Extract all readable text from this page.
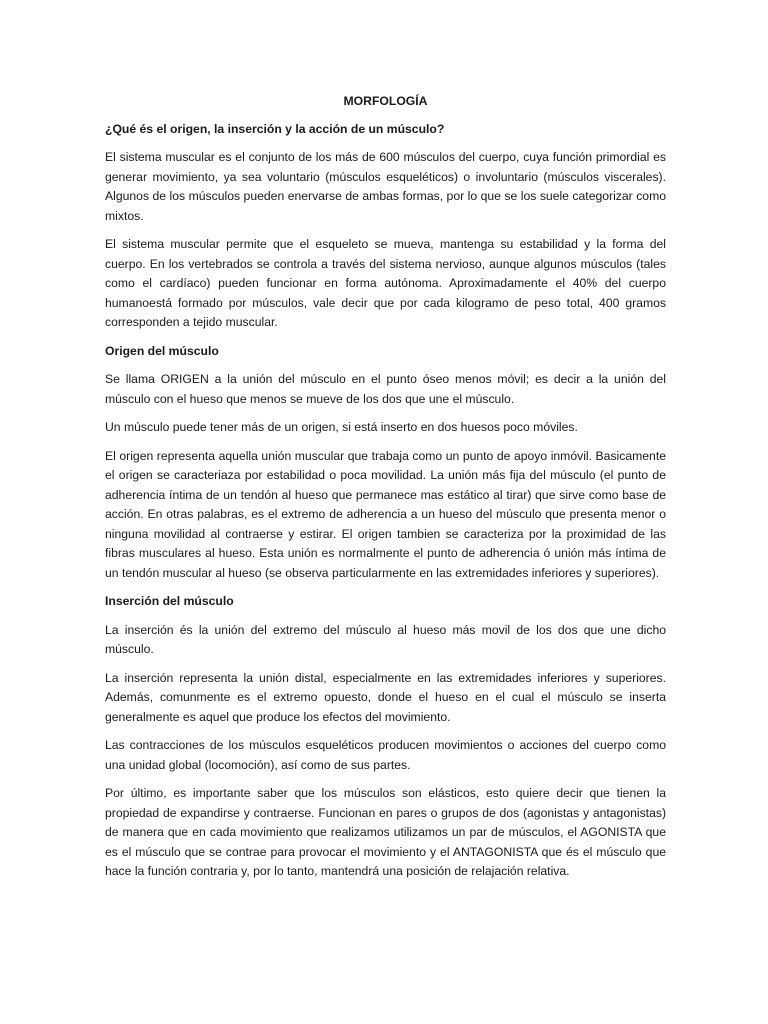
MORFOLOGÍA
¿Qué és el origen, la inserción y la acción de un músculo?

El sistema muscular es el conjunto de los más de 600 músculos del cuerpo, cuya función primordial es generar movimiento, ya sea voluntario (músculos esqueléticos) o involuntario (músculos viscerales). Algunos de los músculos pueden enervarse de ambas formas, por lo que se los suele categorizar como mixtos.

El sistema muscular permite que el esqueleto se mueva, mantenga su estabilidad y la forma del cuerpo. En los vertebrados se controla a través del sistema nervioso, aunque algunos músculos (tales como el cardíaco) pueden funcionar en forma autónoma. Aproximadamente el 40% del cuerpo humanoestá formado por músculos, vale decir que por cada kilogramo de peso total, 400 gramos corresponden a tejido muscular.

Origen del músculo

Se llama ORIGEN a la unión del músculo en el punto óseo menos móvil; es decir a la unión del músculo con el hueso que menos se mueve de los dos que une el músculo.

Un músculo puede tener más de un origen, si está inserto en dos huesos poco móviles.

El origen representa aquella unión muscular que trabaja como un punto de apoyo inmóvil. Basicamente el origen se caracteriaza por estabilidad o poca movilidad. La unión más fija del músculo (el punto de adherencia íntima de un tendón al hueso que permanece mas estático al tirar) que sirve como base de acción. En otras palabras, es el extremo de adherencia a un hueso del músculo que presenta menor o ninguna movilidad al contraerse y estirar. El origen tambien se caracteriza por la proximidad de las fibras musculares al hueso. Esta unión es normalmente el punto de adherencia ó unión más íntima de un tendón muscular al hueso (se observa particularmente en las extremidades inferiores y superiores).

Inserción del músculo

La inserción és la unión del extremo del músculo al hueso más movil de los dos que une dicho músculo.

La inserción representa la unión distal, especialmente en las extremidades inferiores y superiores. Además, comunmente es el extremo opuesto, donde el hueso en el cual el músculo se inserta generalmente es aquel que produce los efectos del movimiento.

Las contracciones de los músculos esqueléticos producen movimientos o acciones del cuerpo como una unidad global (locomoción), así como de sus partes.

Por último, es importante saber que los músculos son elásticos, esto quiere decir que tienen la propiedad de expandirse y contraerse. Funcionan en pares o grupos de dos (agonistas y antagonistas) de manera que en cada movimiento que realizamos utilizamos un par de músculos, el AGONISTA que es el músculo que se contrae para provocar el movimiento y el ANTAGONISTA que és el músculo que hace la función contraria y, por lo tanto, mantendrá una posición de relajación relativa.
